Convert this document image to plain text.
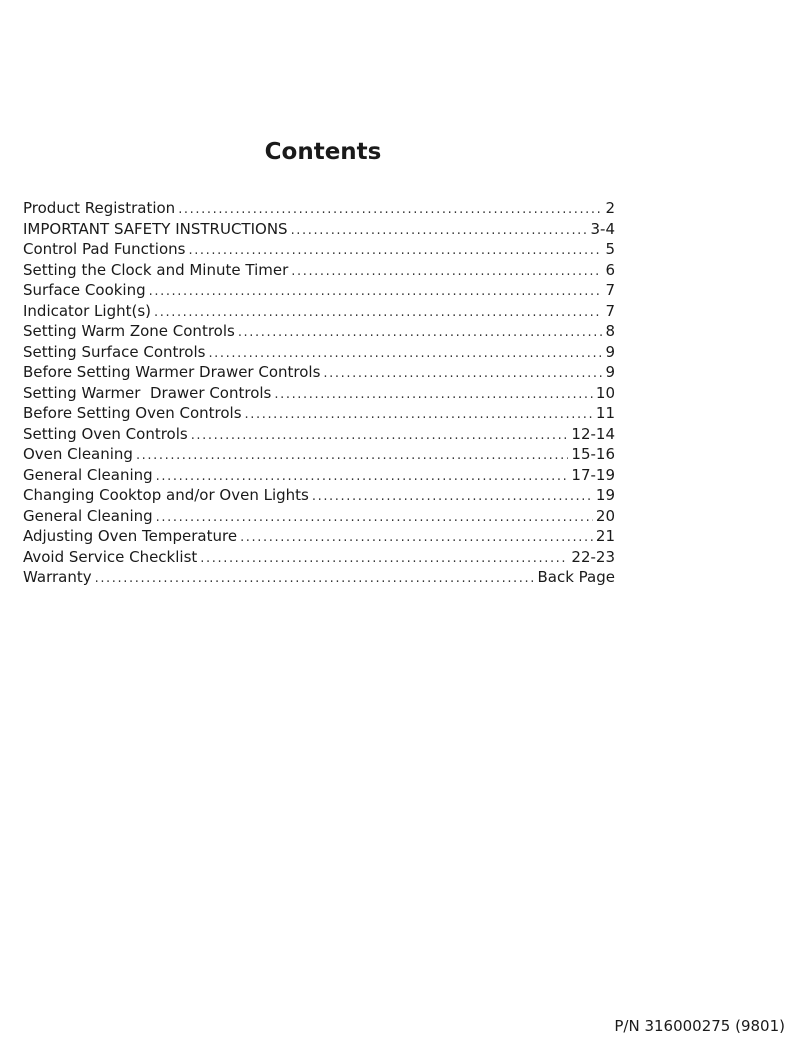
Contents
Product Registration .....	2
IMPORTANT SAFETY INSTRUCTIONS .....	3-4
Control Pad Functions .....	5
Setting the Clock and Minute Timer .....	6
Surface Cooking .....	7
Indicator Light(s) .....	7
Setting Warm Zone Controls .....	8
Setting Surface Controls .....	9
Before Setting Warmer Drawer Controls .....	9
Setting Warmer  Drawer Controls .....	10
Before Setting Oven Controls .....	11
Setting Oven Controls .....	12-14
Oven Cleaning .....	15-16
General Cleaning .....	17-19
Changing Cooktop and/or Oven Lights .....	19
General Cleaning .....	20
Adjusting Oven Temperature .....	21
Avoid Service Checklist .....	22-23
Warranty .....	Back Page

P/N 316000275 (9801)
